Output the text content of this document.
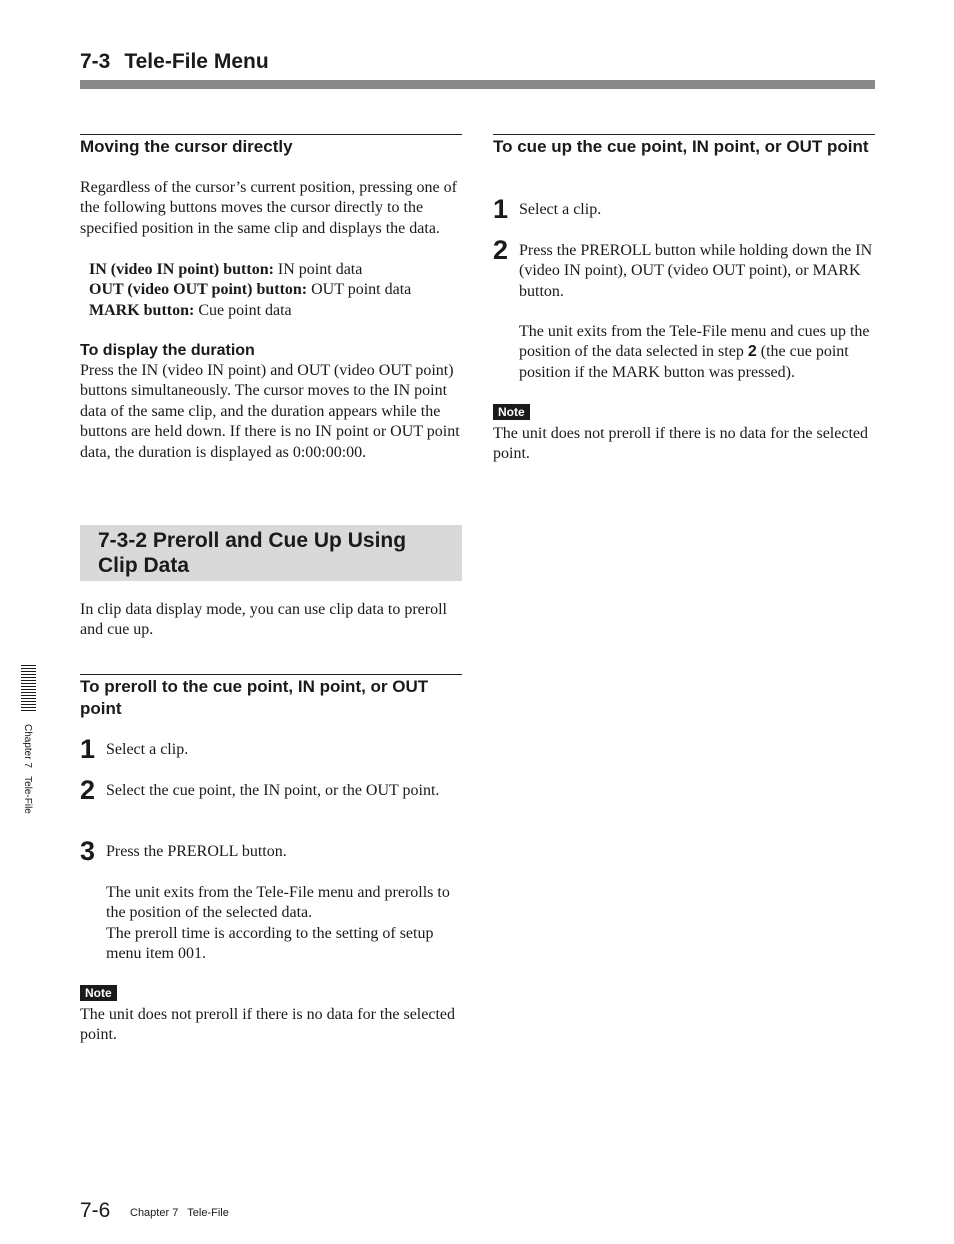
7-3 Tele-File Menu
Moving the cursor directly

Regardless of the cursor’s current position, pressing one of the following buttons moves the cursor directly to the specified position in the same clip and displays the data.

IN (video IN point) button: IN point data
OUT (video OUT point) button: OUT point data
MARK button: Cue point data
To display the duration

Press the IN (video IN point) and OUT (video OUT point) buttons simultaneously. The cursor moves to the IN point data of the same clip, and the duration appears while the buttons are held down. If there is no IN point or OUT point data, the duration is displayed as 0:00:00:00.

7-3-2 Preroll and Cue Up Using Clip Data

In clip data display mode, you can use clip data to preroll and cue up.

To preroll to the cue point, IN point, or OUT point
1 Select a clip.
2 Select the cue point, the IN point, or the OUT point.
3 Press the PREROLL button.

The unit exits from the Tele-File menu and prerolls to the position of the selected data.
The preroll time is according to the setting of setup menu item 001.

Note

The unit does not preroll if there is no data for the selected point.

To cue up the cue point, IN point, or OUT point
1 Select a clip.
2 Press the PREROLL button while holding down the IN (video IN point), OUT (video OUT point), or MARK button.

The unit exits from the Tele-File menu and cues up the position of the data selected in step 2 (the cue point position if the MARK button was pressed).

Note

The unit does not preroll if there is no data for the selected point.

Chapter 7   Tele-File
7-6 Chapter 7   Tele-File
